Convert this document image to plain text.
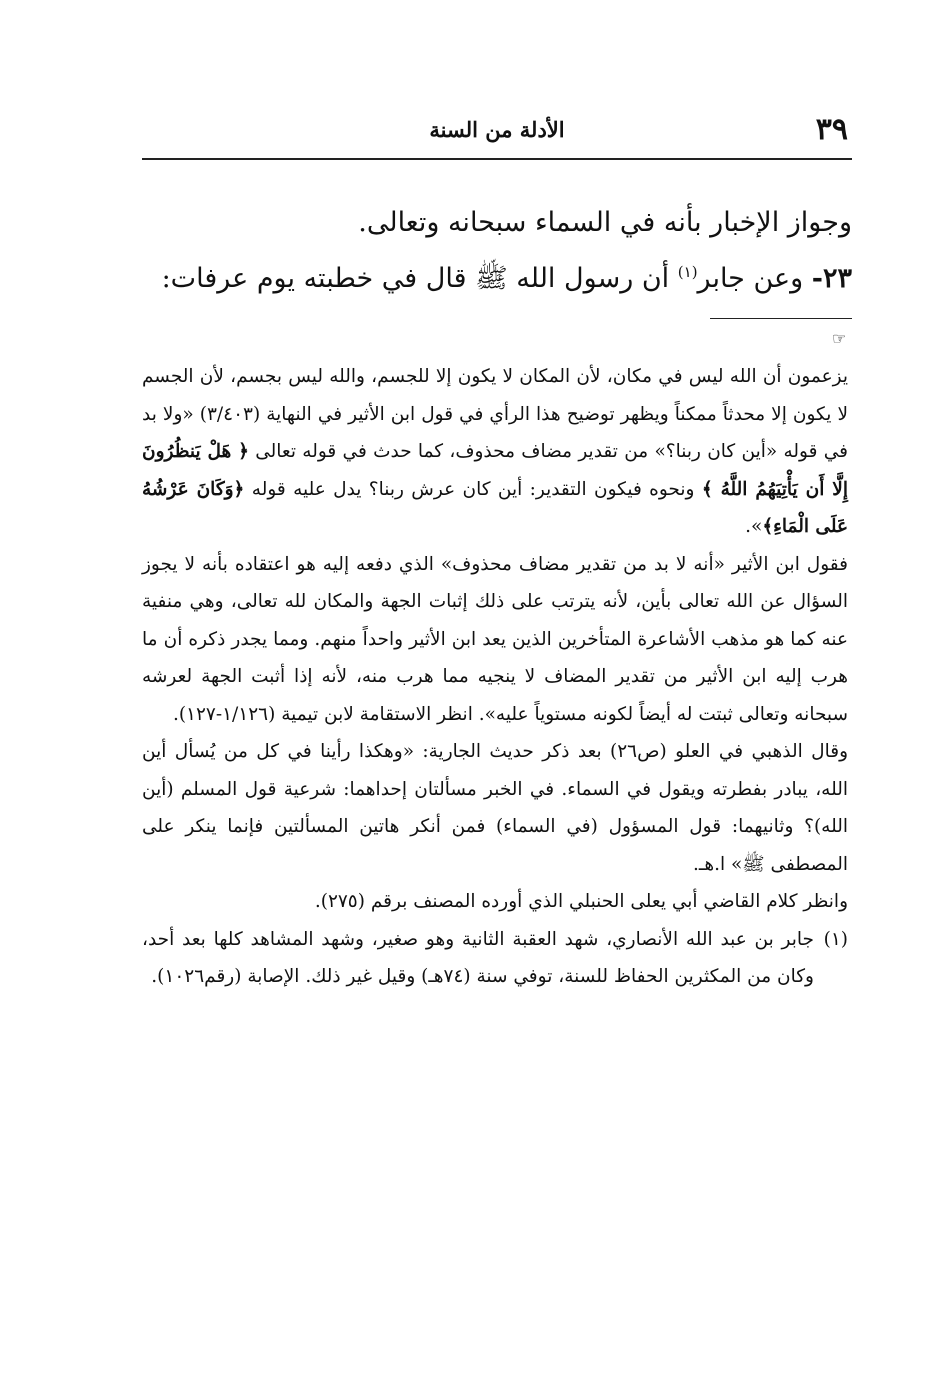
٣٩
الأدلة من السنة

وجواز الإخبار بأنه في السماء سبحانه وتعالى.

٢٣- وعن جابر$^{(١)}$ أن رسول الله ﷺ قال في خطبته يوم عرفات:

☞

يزعمون أن الله ليس في مكان، لأن المكان لا يكون إلا للجسم، والله ليس بجسم، لأن الجسم لا يكون إلا محدثاً ممكناً ويظهر توضيح هذا الرأي في قول ابن الأثير في النهاية (٣/٤٠٣) «ولا بد في قوله «أين كان ربنا؟» من تقدير مضاف محذوف، كما حدث في قوله تعالى ﴿ هَلْ يَنظُرُونَ إِلَّا أَن يَأْتِيَهُمُ اللَّهُ ﴾ ونحوه فيكون التقدير: أين كان عرش ربنا؟ يدل عليه قوله ﴿وَكَانَ عَرْشُهُ عَلَى الْمَاءِ﴾».

فقول ابن الأثير «أنه لا بد من تقدير مضاف محذوف» الذي دفعه إليه هو اعتقاده بأنه لا يجوز السؤال عن الله تعالى بأين، لأنه يترتب على ذلك إثبات الجهة والمكان لله تعالى، وهي منفية عنه كما هو مذهب الأشاعرة المتأخرين الذين يعد ابن الأثير واحداً منهم. ومما يجدر ذكره أن ما هرب إليه ابن الأثير من تقدير المضاف لا ينجيه مما هرب منه، لأنه إذا أثبت الجهة لعرشه سبحانه وتعالى ثبتت له أيضاً لكونه مستوياً عليه». انظر الاستقامة لابن تيمية (١/١٢٦-١٢٧).

وقال الذهبي في العلو (ص٢٦) بعد ذكر حديث الجارية: «وهكذا رأينا في كل من يُسأل أين الله، يبادر بفطرته ويقول في السماء. في الخبر مسألتان إحداهما: شرعية قول المسلم (أين الله)؟ وثانيهما: قول المسؤول (في السماء) فمن أنكر هاتين المسألتين فإنما ينكر على المصطفى ﷺ» ا.هـ.

وانظر كلام القاضي أبي يعلى الحنبلي الذي أورده المصنف برقم (٢٧٥).

(١)
جابر بن عبد الله الأنصاري، شهد العقبة الثانية وهو صغير، وشهد المشاهد كلها بعد أحد، وكان من المكثرين الحفاظ للسنة، توفي سنة (٧٤هـ) وقيل غير ذلك. الإصابة (رقم١٠٢٦).
